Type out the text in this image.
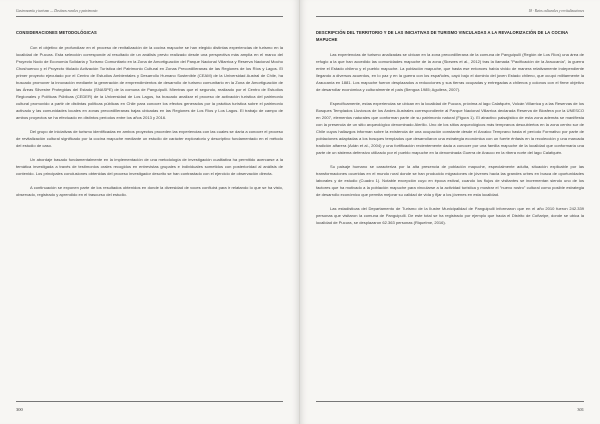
Gastronomía y turismo — Destinos rurales y patrimonio
CONSIDERACIONES METODOLÓGICAS

Con el objetivo de profundizar en el proceso de revitalización de la cocina mapuche se han elegido distintas experiencias de turismo en la localidad de Pucura. Esta selección corresponde al resultado de un análisis previo realizado desde una perspectiva más amplia en el marco del Proyecto Nodo de Economía Solidaria y Turismo Comunitario en la Zona de Amortiguación del Parque Nacional Villarrica y Reserva Nacional Mocho Choshuenco y el Proyecto titulado Activación Turística del Patrimonio Cultural en Zonas Precordilleranas de las Regiones de los Ríos y Lagos. El primer proyecto ejecutado por el Centro de Estudios Ambientales y Desarrollo Humano Sostenible (CEAM) de la Universidad Austral de Chile, ha buscado promover la innovación mediante la generación de emprendimientos de desarrollo de turismo comunitario en la Zona de Amortiguación de las Áreas Silvestre Protegidas del Estado (SNASPE) de la comuna de Panguipulli. Mientras que el segundo, realizado por el Centro de Estudios Regionales y Políticas Públicas (CEDER) de la Universidad de Los Lagos, ha buscado analizar el proceso de activación turística del patrimonio cultural promovido a partir de distintas políticas públicas en Chile para conocer los efectos generados por la práctica turística sobre el patrimonio activado y las comunidades locales en zonas precordilleranas bajas ubicadas en las Regiones de Los Ríos y Los Lagos. El trabajo de campo de ambos proyectos se ha efectuado en distintos períodos entre los años 2013 y 2016.

Del grupo de iniciativas de turismo identificadas en ambos proyectos proceden las experiencias con las cuales se daría a conocer el proceso de revitalización cultural significado por la cocina mapuche mediante un estudio de carácter exploratorio y descriptivo fundamentado en el método del estudio de caso.

Un abordaje basado fundamentalmente en la implementación de una metodología de investigación cualitativa ha permitido acercarse a la temática investigada a través de testimonios orales recogidos en entrevistas grupales e individuales sometidos con posterioridad al análisis de contenido. Los principales conclusiones obtenidas del proceso investigador descrito se han contrastado con el ejercicio de observación directa.

A continuación se exponen parte de los resultados obtenidos en donde la diversidad de voces confluirá para ir relatando lo que se ha visto, observado, registrado y aprendido en el trascurso del estudio.

300
18 · Retos culturales y revitalizaciones
DESCRIPCIÓN DEL TERRITORIO Y DE LAS INICIATIVAS DE TURISMO VINCULADAS A LA REVALORIZACIÓN DE LA COCINA MAPUCHE

Las experiencias de turismo analizadas se ubican en la zona precordillerana de la comuna de Panguipulli (Región de Los Ríos) una área de refugio a la que han accedido las comunidades mapuche de la zona (Skewes et al., 2012) tras la llamada "Pacificación de la Araucanía", la guerra entre el Estado chileno y el pueblo mapuche. La población mapuche, que hasta ese entonces había vivido de manera relativamente independiente llegando a diversos acuerdos, en lo paz y en la guerra con los españoles, cayó bajo el dominio del joven Estado chileno, que ocupó militarmente la Araucanía en 1881. Los mapuche fueron desplazados a reducciones y sus tierras ocupadas y entregadas a chilenos y colonos con el firme objetivo de desarrollar económica y culturalmente el país (Bengoa 1985; Aguilera, 2007).

Específicamente, estas experiencias se ubican en la localidad de Pucura, próxima al lago Calafquén, Volcán Villarrica y a las Reservas de los Bosques Templados Lluviosos de los Andes Australes correspondiente al Parque Nacional Villarrica declarada Reserva de Biosfera por la UNESCO en 2007, elementos naturales que conforman parte de su patrimonio natural (Figura 1). El atractivo paisajístico de esta zona además se manifiesta con la presencia de un sitio arqueológico denominado Alerillo. Uno de los sitios arqueológicos más tempranos descubiertos en la zona centro sur de Chile cuyos hallazgos informan sobre la existencia de una ocupación constante desde el Arcaico Temprano hasta el período Formativo por parte de poblaciones adaptadas a los bosques templados que desarrollaron una estrategia económica con un fuerte énfasis en la recolección y una marcada tradición alfarera (Adán et al., 2004) y una fortificación recientemente dada a conocer por una familia mapuche de la localidad que conformaría una parte de un sistema defensivo utilizado por el pueblo mapuche en la denominada Guerra de Arauco en la ribera norte del lago Calafquén.

Su paisaje humano se caracteriza por la alta presencia de población mapuche, especialmente adulta, situación explicable por las transformaciones ocurridas en el mundo rural donde se han producido migraciones de jóvenes hacia las grandes urbes en busca de oportunidades laborales y de estudio (Cuadro 1). Notable excepción cuyo en época estival, cuando los flujos de visitantes se incrementan siendo uno de los factores que ha motivado a la población mapuche para vincularse a la actividad turística y mostrar el "nuevo rostro" cultural como posible estrategia de desarrollo económico que permita mejorar su calidad de vida y fijar a los jóvenes en esta localidad.

Las estadísticas del Departamento de Turismo de la Ilustre Municipalidad de Panguipulli informaron que en el año 2010 fueron 242.339 personas que visitaron la comuna de Panguipulli. De este total se ha registrado por ejemplo que hacia el Distrito de Coñaripe, donde se ubica la localidad de Pucura, se desplazaron 62.363 personas (Riquelme, 2016).

301
